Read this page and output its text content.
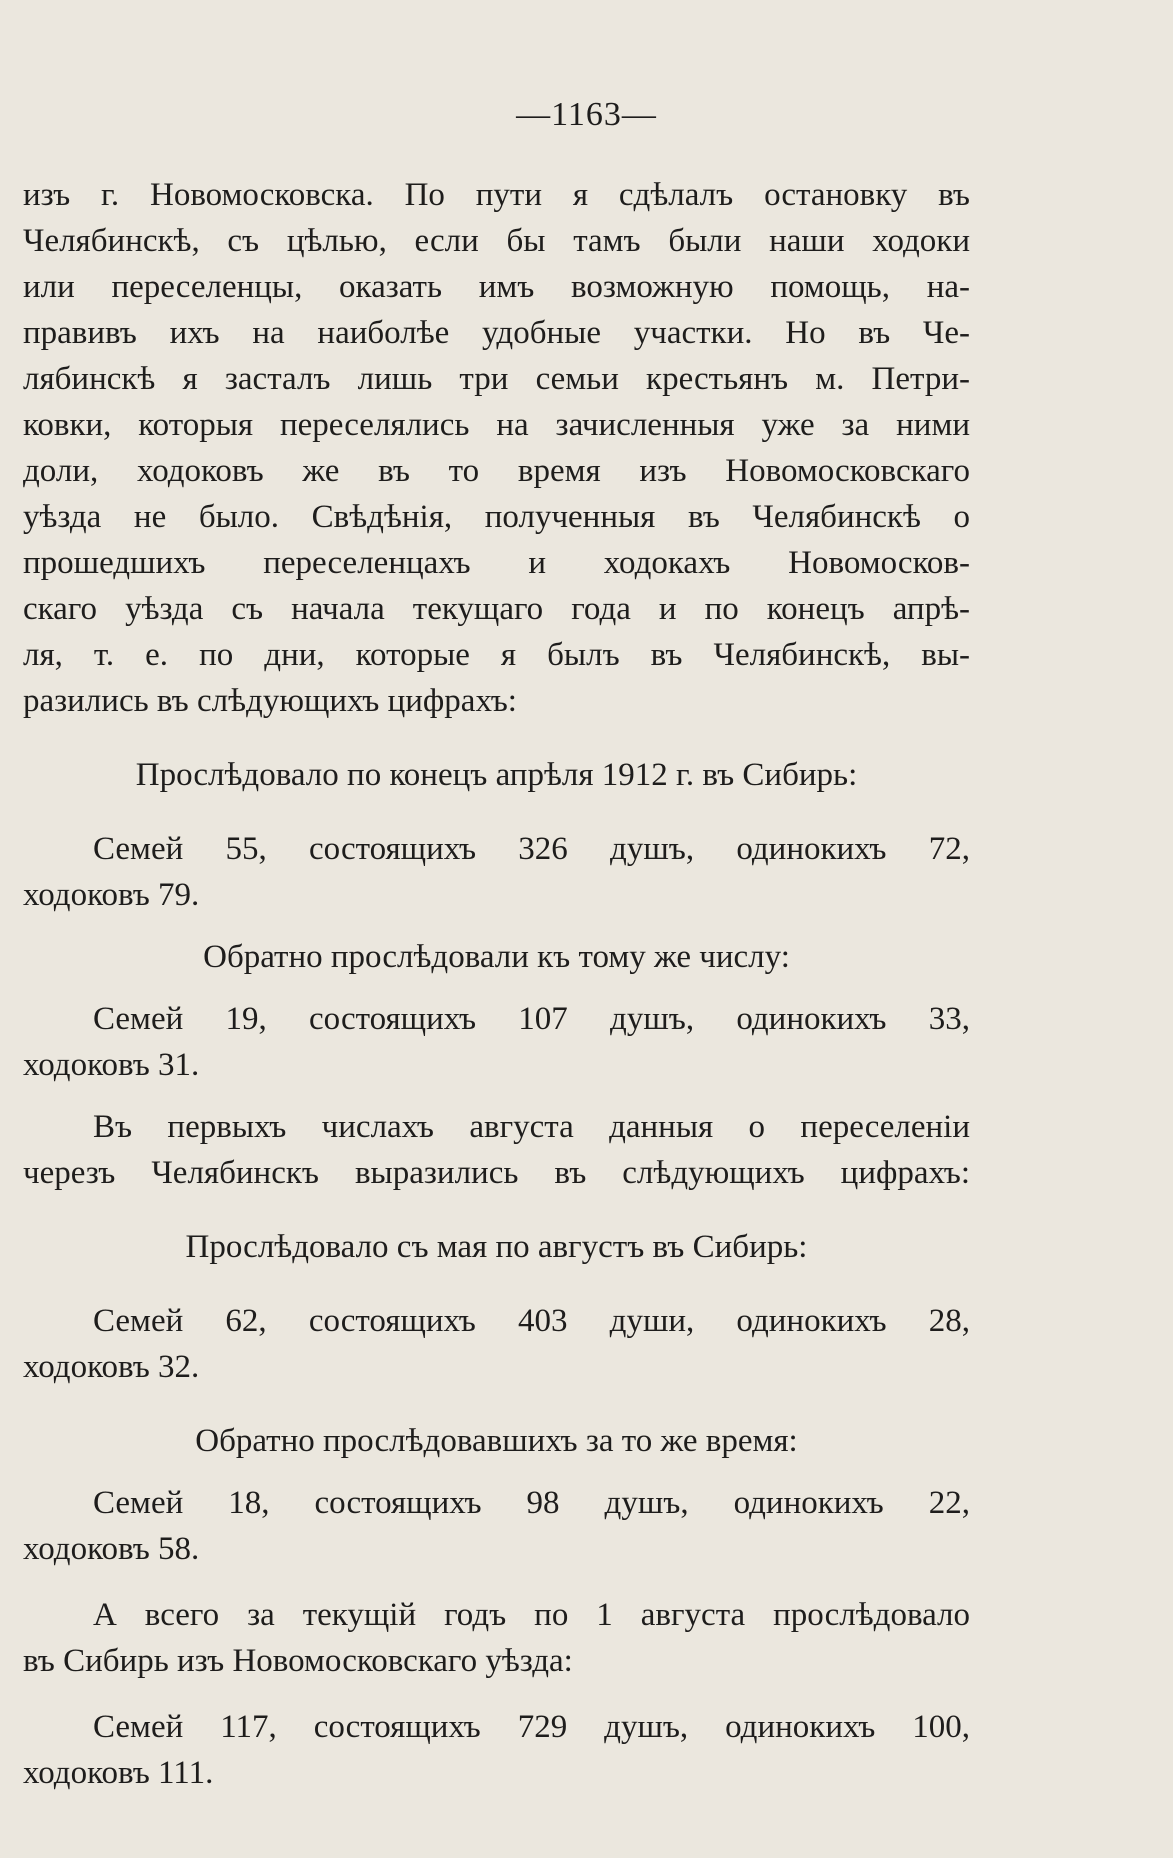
—1163—
изъ г. Новомосковска. По пути я сдѣлалъ остановку въ
Челябинскѣ, съ цѣлью, если бы тамъ были наши ходоки
или переселенцы, оказать имъ возможную помощь, на-
правивъ ихъ на наиболѣе удобные участки. Но въ Че-
лябинскѣ я засталъ лишь три семьи крестьянъ м. Петри-
ковки, которыя переселялись на зачисленныя уже за ними
доли, ходоковъ же въ то время изъ Новомосковскаго
уѣзда не было. Свѣдѣнія, полученныя въ Челябинскѣ о
прошедшихъ переселенцахъ и ходокахъ Новомосков-
скаго уѣзда съ начала текущаго года и по конецъ апрѣ-
ля, т. е. по дни, которые я былъ въ Челябинскѣ, вы-
разились въ слѣдующихъ цифрахъ:
Прослѣдовало по конецъ апрѣля 1912 г. въ Сибирь:
Семей 55, состоящихъ 326 душъ, одинокихъ 72,
ходоковъ 79.
Обратно прослѣдовали къ тому же числу:
Семей 19, состоящихъ 107 душъ, одинокихъ 33,
ходоковъ 31.
Въ первыхъ числахъ августа данныя о переселенiи
черезъ Челябинскъ выразились въ слѣдующихъ цифрахъ:
Прослѣдовало съ мая по августъ въ Сибирь:
Семей 62, состоящихъ 403 души, одинокихъ 28,
ходоковъ 32.
Обратно прослѣдовавшихъ за то же время:
Семей 18, состоящихъ 98 душъ, одинокихъ 22,
ходоковъ 58.
А всего за текущiй годъ по 1 августа прослѣдовало
въ Сибирь изъ Новомосковскаго уѣзда:
Семей 117, состоящихъ 729 душъ, одинокихъ 100,
ходоковъ 111.
